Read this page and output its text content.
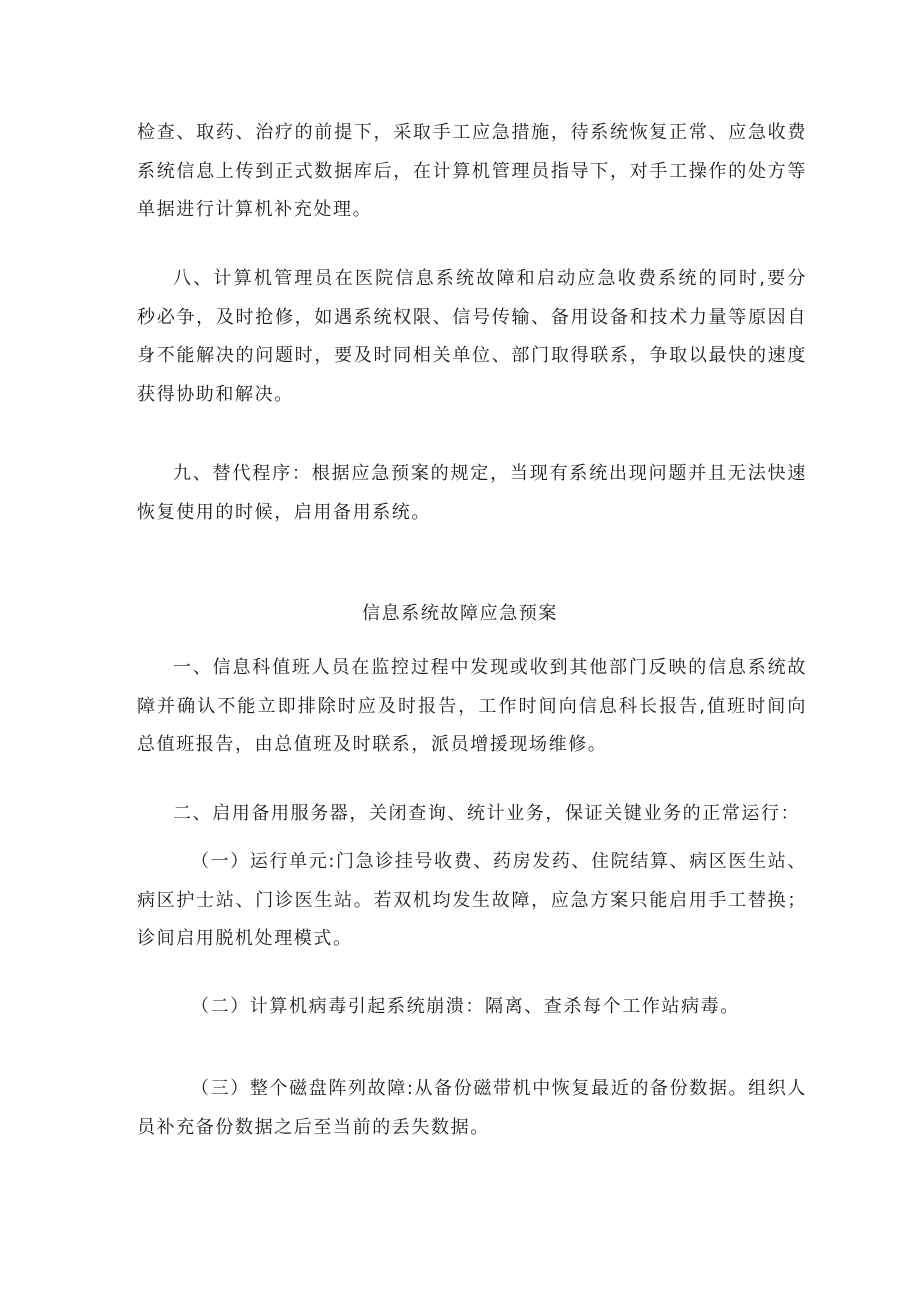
检查、取药、治疗的前提下，采取手工应急措施，待系统恢复正常、应急收费系统信息上传到正式数据库后，在计算机管理员指导下，对手工操作的处方等单据进行计算机补充处理。

八、计算机管理员在医院信息系统故障和启动应急收费系统的同时,要分秒必争，及时抢修，如遇系统权限、信号传输、备用设备和技术力量等原因自身不能解决的问题时，要及时同相关单位、部门取得联系，争取以最快的速度获得协助和解决。

九、替代程序：根据应急预案的规定，当现有系统出现问题并且无法快速恢复使用的时候，启用备用系统。

信息系统故障应急预案

一、信息科值班人员在监控过程中发现或收到其他部门反映的信息系统故障并确认不能立即排除时应及时报告，工作时间向信息科长报告,值班时间向总值班报告，由总值班及时联系，派员增援现场维修。

二、启用备用服务器，关闭查询、统计业务，保证关键业务的正常运行：

（一）运行单元:门急诊挂号收费、药房发药、住院结算、病区医生站、病区护士站、门诊医生站。若双机均发生故障，应急方案只能启用手工替换；诊间启用脱机处理模式。

（二）计算机病毒引起系统崩溃：隔离、查杀每个工作站病毒。

（三）整个磁盘阵列故障:从备份磁带机中恢复最近的备份数据。组织人员补充备份数据之后至当前的丢失数据。
